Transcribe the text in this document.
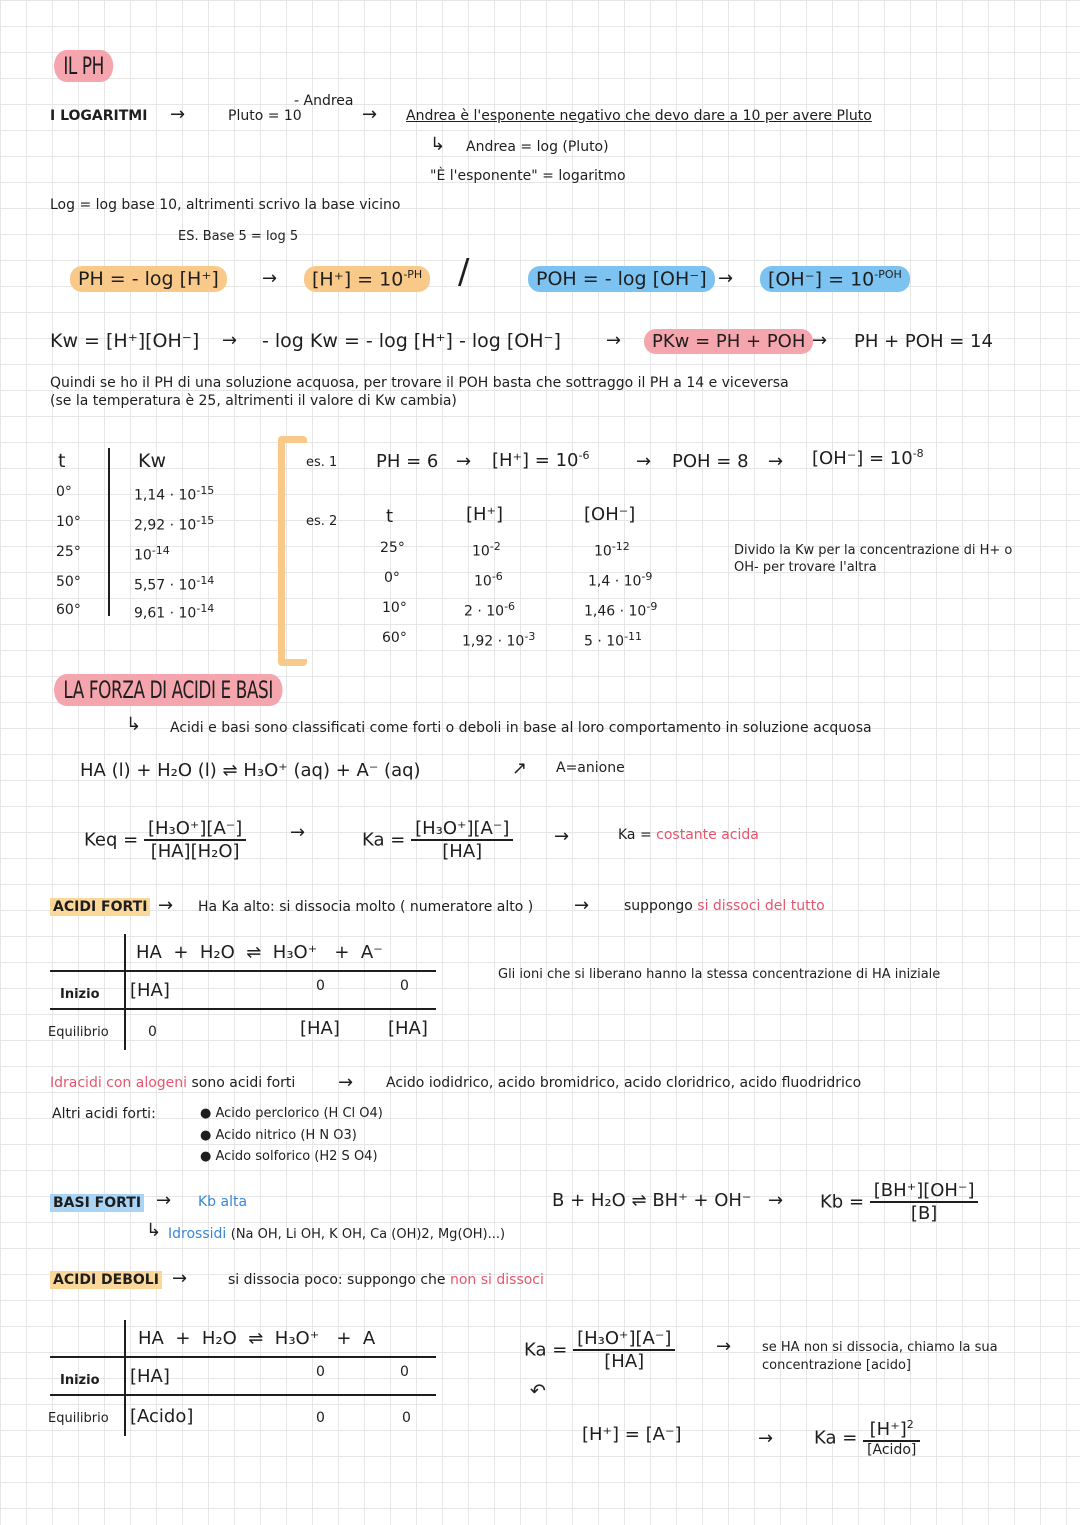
IL PH
I LOGARITMI →	Pluto = 10
- Andrea
→ Andrea è l'esponente negativo che devo dare a 10 per avere Pluto
↳ Andrea = log (Pluto)
"È l'esponente" = logaritmo
Log = log base 10, altrimenti scrivo la base vicino
ES. Base 5 = log 5
PH = - log [H⁺]	→	$[H^+] = 10^{-PH}$ /	POH = - log [OH⁻] →	$[OH^-] = 10^{-POH}$
Kw = [H⁺][OH⁻] → - log Kw = - log [H⁺] - log [OH⁻]	→	PKw = PH + POH → PH + POH = 14
Quindi se ho il PH di una soluzione acquosa, per trovare il POH basta che sottraggo il PH a 14 e viceversa
(se la temperatura è 25, altrimenti il valore di Kw cambia)
t	Kw
0°	$1,14 \cdot 10^{-15}$
10°	$2,92 \cdot 10^{-15}$
25°	$10^{-14}$
50°	$5,57 \cdot 10^{-14}$
60°	$9,61 \cdot 10^{-14}$
es. 1 PH = $6 \to [H^+] = 10^{-6}$	→ POH = $8 \to [OH^-] = 10^{-8}$
es. 2	t	[H⁺]	[OH⁻]
25°	$10^{-2}$	$10^{-12}$
0°	$10^{-6}$	$1,4 \cdot 10^{-9}$
10°	$2 \cdot 10^{-6}$	$1,46 \cdot 10^{-9}$
60°	$1,92 \cdot 10^{-3}$	$5 \cdot 10^{-11}$
Divido la Kw per la concentrazione di H+ o
OH- per trovare l'altra
LA FORZA DI ACIDI E BASI
↳ Acidi e basi sono classificati come forti o deboli in base al loro comportamento in soluzione acquosa
HA (l) + H₂O (l) ⇌ H₃O⁺ (aq) + A⁻ (aq)	↗ A=anione
Keq = $\frac{\text{[H₃O⁺][A⁻]}}{\text{[HA][H₂O]}}$ →	$Ka = \frac{\text{[H₃O⁺][A⁻]}}{[HA]}$ →	Ka = costante acida
ACIDI FORTI → Ha Ka alto: si dissocia molto ( numeratore alto ) → suppongo si dissoci del tutto
HA + H₂O ⇌ H₃O⁺ + A⁻
Inizio [HA]	0	0
Equilibrio	0	[HA]	[HA]
Gli ioni che si liberano hanno la stessa concentrazione di HA iniziale
Idracidi con alogeni sono acidi forti → Acido iodidrico, acido bromidrico, acido cloridrico, acido fluodridrico
Altri acidi forti:	● Acido perclorico (H Cl O4)
● Acido nitrico (H N O3)
● Acido solforico (H2 S O4)
BASI FORTI → Kb alta
↳ Idrossidi (Na OH, Li OH, K OH, Ca (OH)2, Mg(OH)...)
B + H₂O ⇌ $BH^+ + OH^- \to Kb = \frac{[BH^+][OH^-]}{[B]}$
ACIDI DEBOLI →	si dissocia poco: suppongo che non si dissoci
HA + H₂O ⇌ H₃O⁺ + A
Inizio [HA]	0	0
Equilibrio [Acido]	0	0
$Ka = \frac{\text{[H₃O⁺][A⁻]}}{[HA]}$ → se HA non si dissocia, chiamo la sua
concentrazione [acido]
↶
[H⁺] = [A⁻]	→ $Ka = \frac{[H^+]^2}{\text{[Acido]}}$
